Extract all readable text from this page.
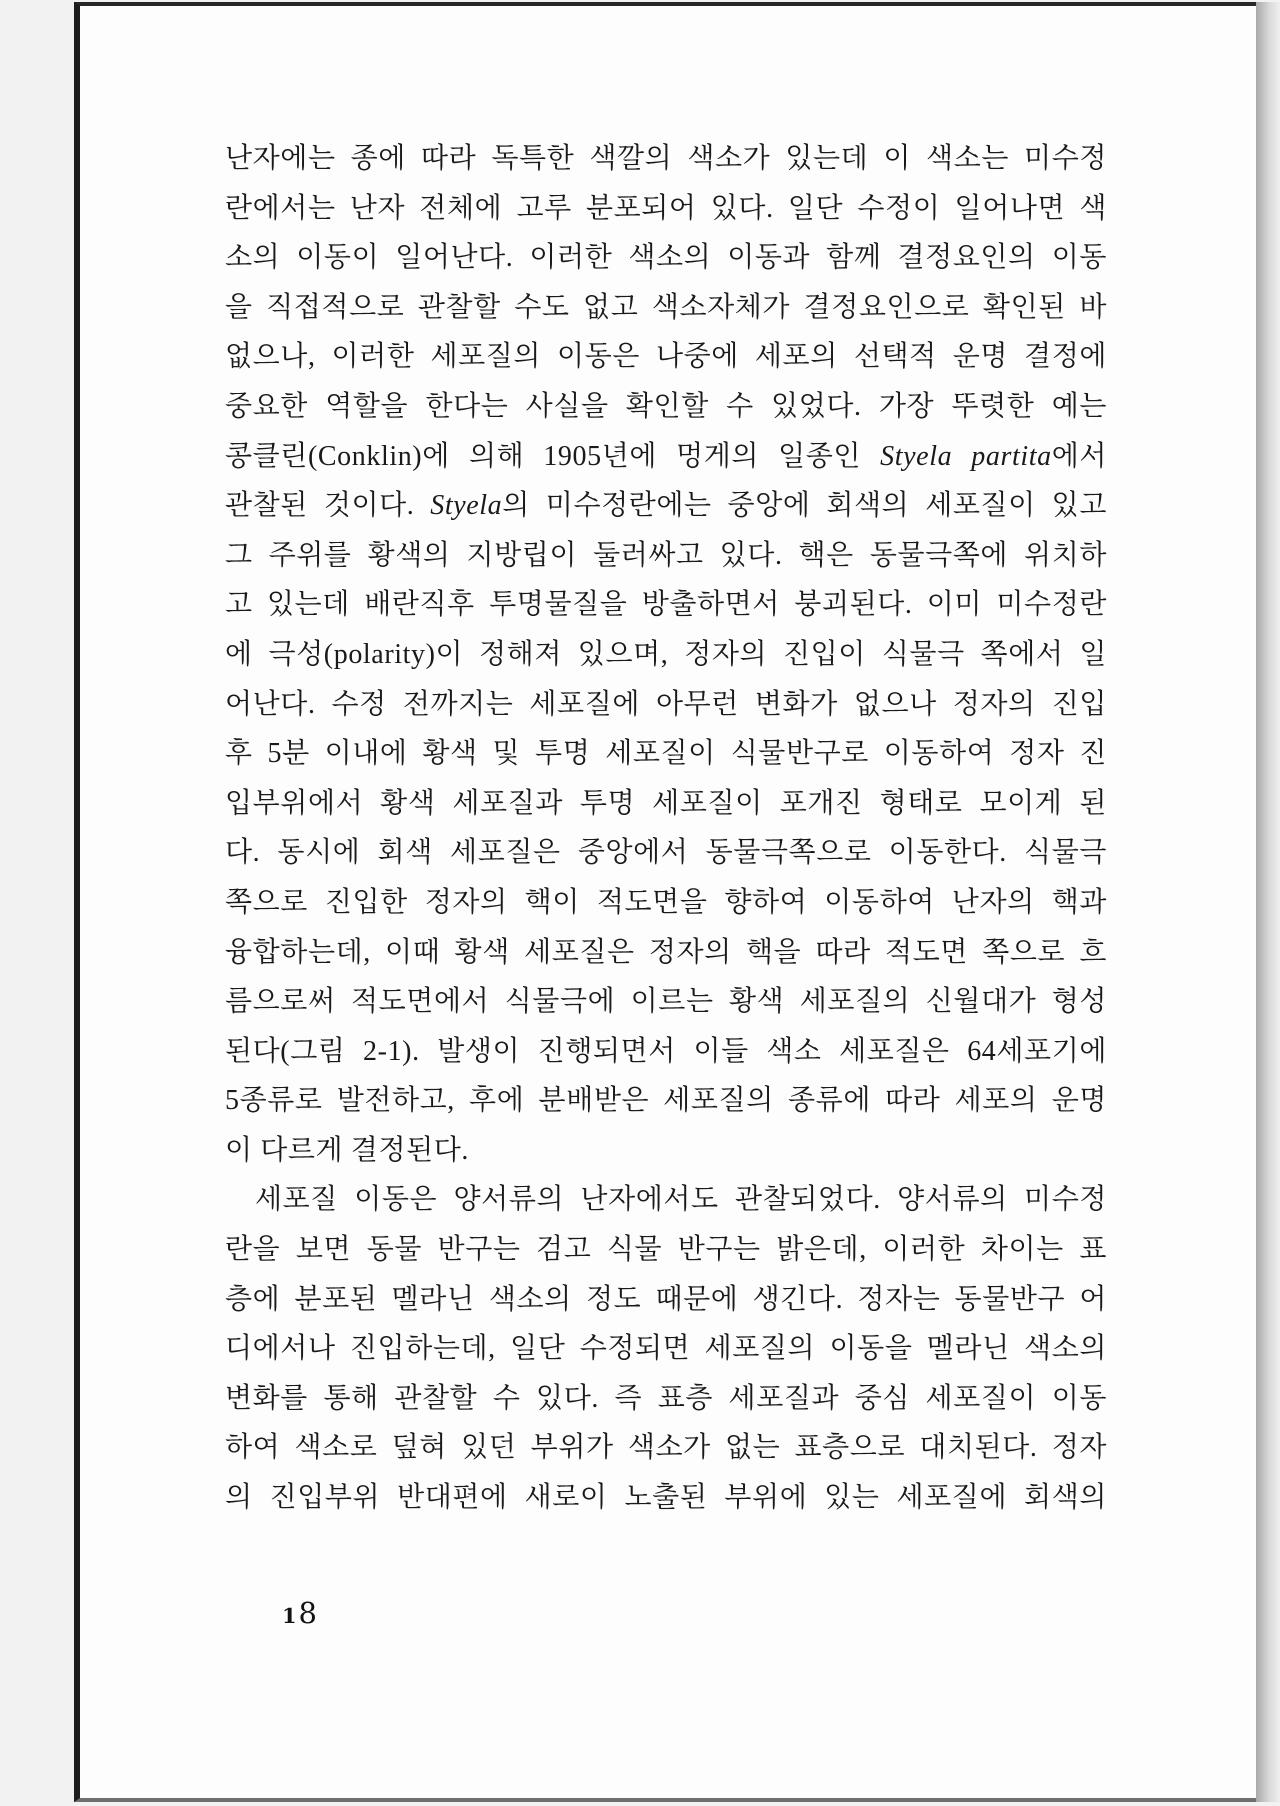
난자에는 종에 따라 독특한 색깔의 색소가 있는데 이 색소는 미수정
란에서는 난자 전체에 고루 분포되어 있다. 일단 수정이 일어나면 색
소의 이동이 일어난다. 이러한 색소의 이동과 함께 결정요인의 이동
을 직접적으로 관찰할 수도 없고 색소자체가 결정요인으로 확인된 바
없으나, 이러한 세포질의 이동은 나중에 세포의 선택적 운명 결정에
중요한 역할을 한다는 사실을 확인할 수 있었다. 가장 뚜렷한 예는
콩클린(Conklin)에 의해 1905년에 멍게의 일종인 Styela partita에서
관찰된 것이다. Styela의 미수정란에는 중앙에 회색의 세포질이 있고
그 주위를 황색의 지방립이 둘러싸고 있다. 핵은 동물극쪽에 위치하
고 있는데 배란직후 투명물질을 방출하면서 붕괴된다. 이미 미수정란
에 극성(polarity)이 정해져 있으며, 정자의 진입이 식물극 쪽에서 일
어난다. 수정 전까지는 세포질에 아무런 변화가 없으나 정자의 진입
후 5분 이내에 황색 및 투명 세포질이 식물반구로 이동하여 정자 진
입부위에서 황색 세포질과 투명 세포질이 포개진 형태로 모이게 된
다. 동시에 회색 세포질은 중앙에서 동물극쪽으로 이동한다. 식물극
쪽으로 진입한 정자의 핵이 적도면을 향하여 이동하여 난자의 핵과
융합하는데, 이때 황색 세포질은 정자의 핵을 따라 적도면 쪽으로 흐
름으로써 적도면에서 식물극에 이르는 황색 세포질의 신월대가 형성
된다(그림 2-1). 발생이 진행되면서 이들 색소 세포질은 64세포기에
5종류로 발전하고, 후에 분배받은 세포질의 종류에 따라 세포의 운명
이 다르게 결정된다.
세포질 이동은 양서류의 난자에서도 관찰되었다. 양서류의 미수정
란을 보면 동물 반구는 검고 식물 반구는 밝은데, 이러한 차이는 표
층에 분포된 멜라닌 색소의 정도 때문에 생긴다. 정자는 동물반구 어
디에서나 진입하는데, 일단 수정되면 세포질의 이동을 멜라닌 색소의
변화를 통해 관찰할 수 있다. 즉 표층 세포질과 중심 세포질이 이동
하여 색소로 덮혀 있던 부위가 색소가 없는 표층으로 대치된다. 정자
의 진입부위 반대편에 새로이 노출된 부위에 있는 세포질에 회색의
18
